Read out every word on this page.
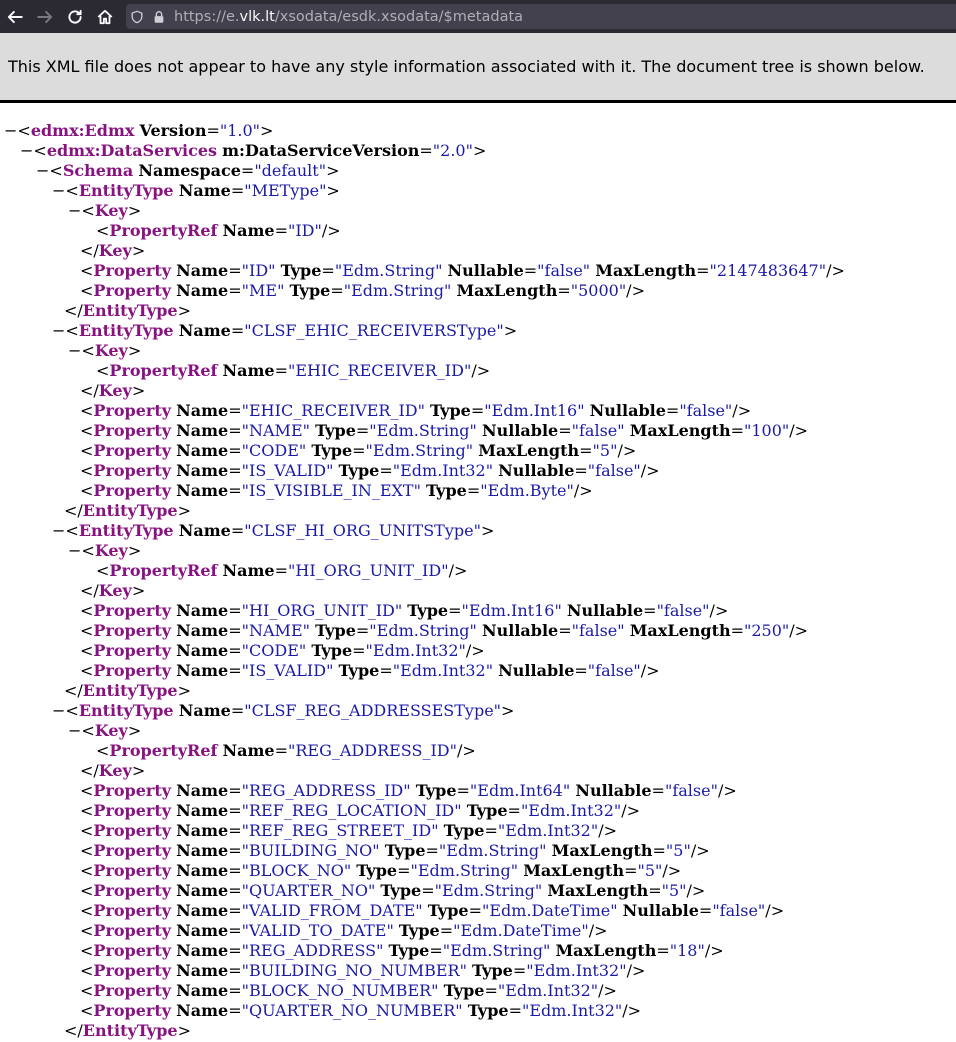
https://e.vlk.lt/xsodata/esdk.xsodata/$metadata
This XML file does not appear to have any style information associated with it. The document tree is shown below.
−<edmx:Edmx Version="1.0">
−<edmx:DataServices m:DataServiceVersion="2.0">
−<Schema Namespace="default">
−<EntityType Name="METype">
−<Key>
<PropertyRef Name="ID"/>
</Key>
<Property Name="ID" Type="Edm.String" Nullable="false" MaxLength="2147483647"/>
<Property Name="ME" Type="Edm.String" MaxLength="5000"/>
</EntityType>
−<EntityType Name="CLSF_EHIC_RECEIVERSType">
−<Key>
<PropertyRef Name="EHIC_RECEIVER_ID"/>
</Key>
<Property Name="EHIC_RECEIVER_ID" Type="Edm.Int16" Nullable="false"/>
<Property Name="NAME" Type="Edm.String" Nullable="false" MaxLength="100"/>
<Property Name="CODE" Type="Edm.String" MaxLength="5"/>
<Property Name="IS_VALID" Type="Edm.Int32" Nullable="false"/>
<Property Name="IS_VISIBLE_IN_EXT" Type="Edm.Byte"/>
</EntityType>
−<EntityType Name="CLSF_HI_ORG_UNITSType">
−<Key>
<PropertyRef Name="HI_ORG_UNIT_ID"/>
</Key>
<Property Name="HI_ORG_UNIT_ID" Type="Edm.Int16" Nullable="false"/>
<Property Name="NAME" Type="Edm.String" Nullable="false" MaxLength="250"/>
<Property Name="CODE" Type="Edm.Int32"/>
<Property Name="IS_VALID" Type="Edm.Int32" Nullable="false"/>
</EntityType>
−<EntityType Name="CLSF_REG_ADDRESSESType">
−<Key>
<PropertyRef Name="REG_ADDRESS_ID"/>
</Key>
<Property Name="REG_ADDRESS_ID" Type="Edm.Int64" Nullable="false"/>
<Property Name="REF_REG_LOCATION_ID" Type="Edm.Int32"/>
<Property Name="REF_REG_STREET_ID" Type="Edm.Int32"/>
<Property Name="BUILDING_NO" Type="Edm.String" MaxLength="5"/>
<Property Name="BLOCK_NO" Type="Edm.String" MaxLength="5"/>
<Property Name="QUARTER_NO" Type="Edm.String" MaxLength="5"/>
<Property Name="VALID_FROM_DATE" Type="Edm.DateTime" Nullable="false"/>
<Property Name="VALID_TO_DATE" Type="Edm.DateTime"/>
<Property Name="REG_ADDRESS" Type="Edm.String" MaxLength="18"/>
<Property Name="BUILDING_NO_NUMBER" Type="Edm.Int32"/>
<Property Name="BLOCK_NO_NUMBER" Type="Edm.Int32"/>
<Property Name="QUARTER_NO_NUMBER" Type="Edm.Int32"/>
</EntityType>
